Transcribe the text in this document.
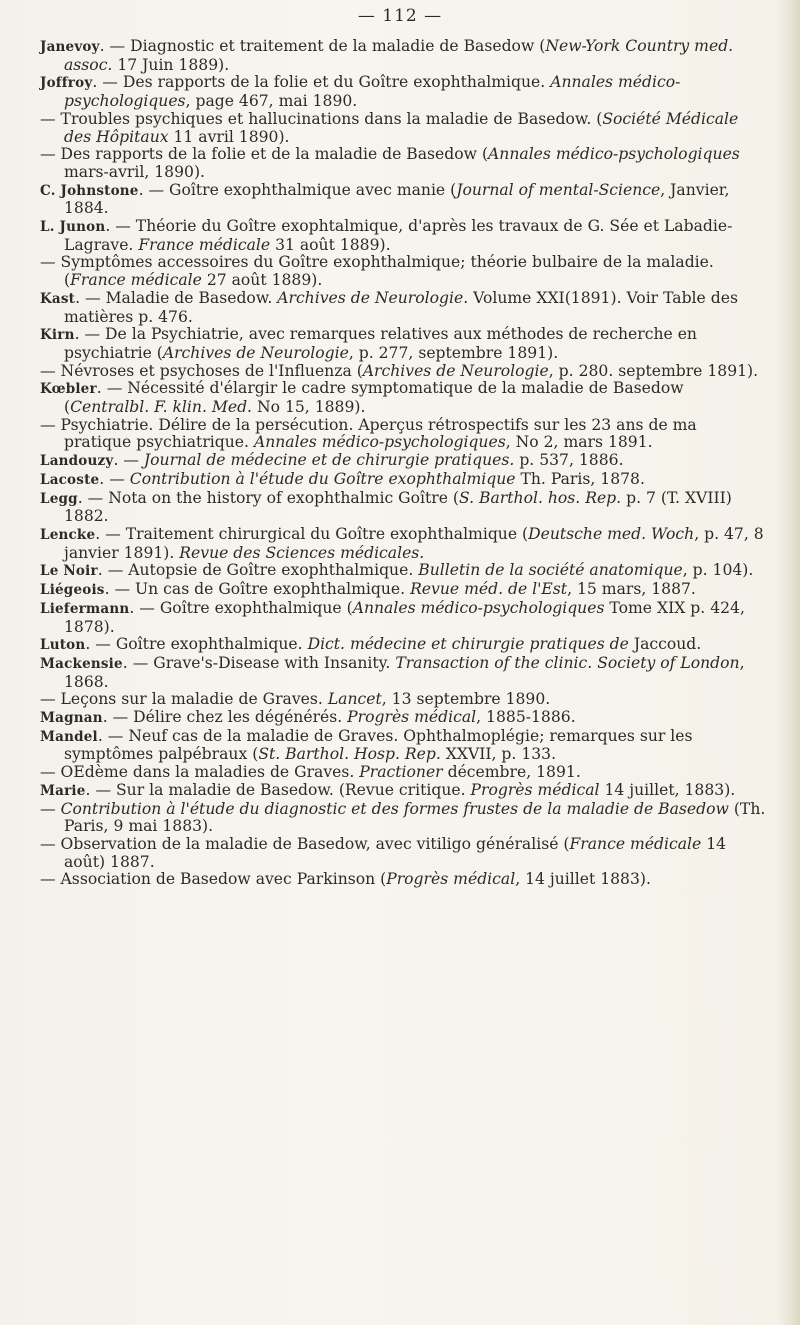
— 112 —

Janevoy. — Diagnostic et traitement de la maladie de Basedow (New-York Country med. assoc. 17 Juin 1889).

Joffroy. — Des rapports de la folie et du Goître exophthalmique. Annales médico-psychologiques, page 467, mai 1890.

— Troubles psychiques et hallucinations dans la maladie de Basedow. (Société Médicale des Hôpitaux 11 avril 1890).

— Des rapports de la folie et de la maladie de Basedow (Annales médico-psychologiques mars-avril, 1890).

C. Johnstone. — Goître exophthalmique avec manie (Journal of mental-Science, Janvier, 1884.

L. Junon. — Théorie du Goître exophtalmique, d'après les travaux de G. Sée et Labadie-Lagrave. France médicale 31 août 1889).

— Symptômes accessoires du Goître exophthalmique; théorie bulbaire de la maladie. (France médicale 27 août 1889).

Kast. — Maladie de Basedow. Archives de Neurologie. Volume XXI(1891). Voir Table des matières p. 476.

Kirn. — De la Psychiatrie, avec remarques relatives aux méthodes de recherche en psychiatrie (Archives de Neurologie, p. 277, septembre 1891).

— Névroses et psychoses de l'Influenza (Archives de Neurologie, p. 280. septembre 1891).

Kœbler. — Nécessité d'élargir le cadre symptomatique de la maladie de Basedow (Centralbl. F. klin. Med. No 15, 1889).

— Psychiatrie. Délire de la persécution. Aperçus rétrospectifs sur les 23 ans de ma pratique psychiatrique. Annales médico-psychologiques, No 2, mars 1891.

Landouzy. — Journal de médecine et de chirurgie pratiques. p. 537, 1886.

Lacoste. — Contribution à l'étude du Goître exophthalmique Th. Paris, 1878.

Legg. — Nota on the history of exophthalmic Goître (S. Barthol. hos. Rep. p. 7 (T. XVIII) 1882.

Lencke. — Traitement chirurgical du Goître exophthalmique (Deutsche med. Woch, p. 47, 8 janvier 1891). Revue des Sciences médicales.

Le Noir. — Autopsie de Goître exophthalmique. Bulletin de la société anatomique, p. 104).

Liégeois. — Un cas de Goître exophthalmique. Revue méd. de l'Est, 15 mars, 1887.

Liefermann. — Goître exophthalmique (Annales médico-psychologiques Tome XIX p. 424, 1878).

Luton. — Goître exophthalmique. Dict. médecine et chirurgie pratiques de Jaccoud.

Mackensie. — Grave's-Disease with Insanity. Transaction of the clinic. Society of London, 1868.

— Leçons sur la maladie de Graves. Lancet, 13 septembre 1890.

Magnan. — Délire chez les dégénérés. Progrès médical, 1885-1886.

Mandel. — Neuf cas de la maladie de Graves. Ophthalmoplégie; remarques sur les symptômes palpébraux (St. Barthol. Hosp. Rep. XXVII, p. 133.

— OEdème dans la maladies de Graves. Practioner décembre, 1891.

Marie. — Sur la maladie de Basedow. (Revue critique. Progrès médical 14 juillet, 1883).

— Contribution à l'étude du diagnostic et des formes frustes de la maladie de Basedow (Th. Paris, 9 mai 1883).

— Observation de la maladie de Basedow, avec vitiligo généralisé (France médicale 14 août) 1887.

— Association de Basedow avec Parkinson (Progrès médical, 14 juillet 1883).
